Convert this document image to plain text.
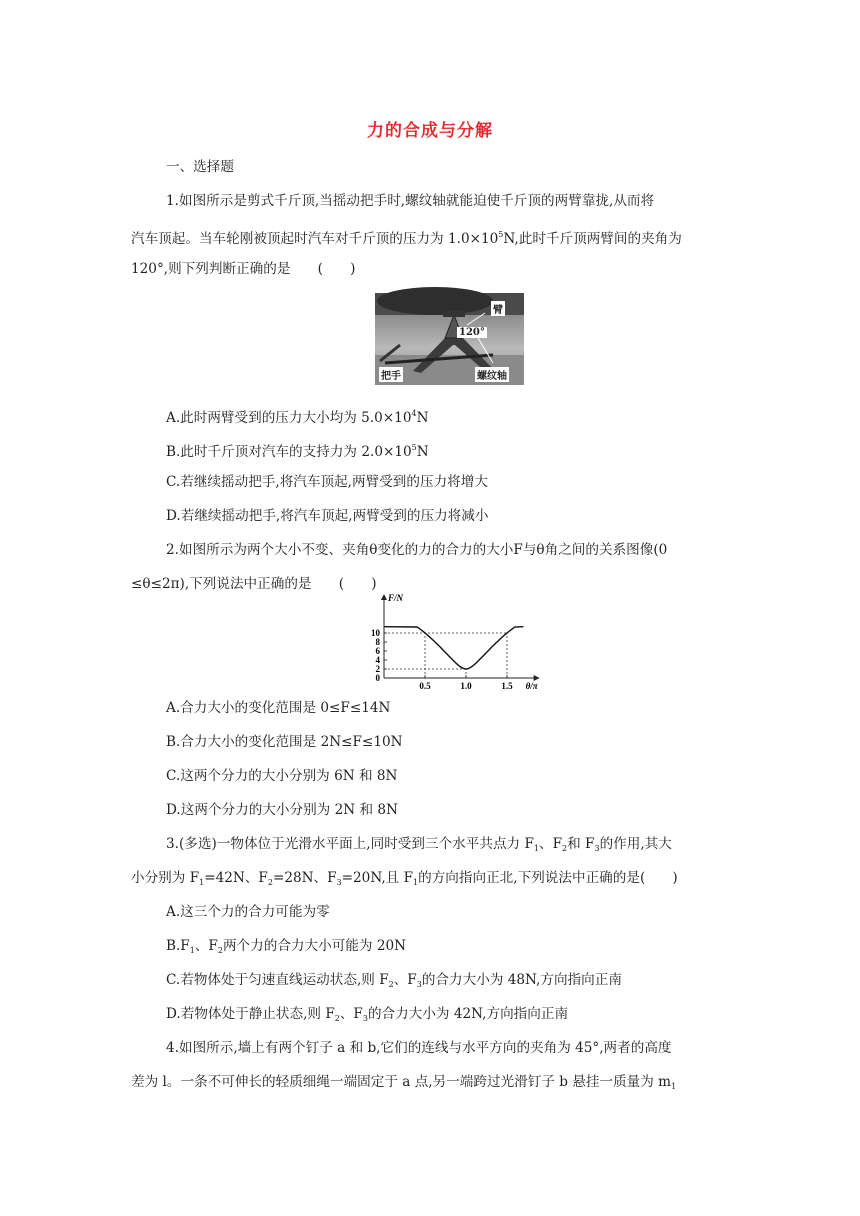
力的合成与分解
一、选择题
1.如图所示是剪式千斤顶,当摇动把手时,螺纹轴就能迫使千斤顶的两臂靠拢,从而将
汽车顶起。当车轮刚被顶起时汽车对千斤顶的压力为 $1.0\times 10^5N$,此时千斤顶两臂间的夹角为
120°,则下列判断正确的是　　(　　)
臂
120°
把手	螺纹轴
A.此时两臂受到的压力大小均为 $5.0\times 10^4N$
B.此时千斤顶对汽车的支持力为 $2.0\times 10^5N$
C.若继续摇动把手,将汽车顶起,两臂受到的压力将增大
D.若继续摇动把手,将汽车顶起,两臂受到的压力将减小
2.如图所示为两个大小不变、夹角θ变化的力的合力的大小F与θ角之间的关系图像(0
≤θ≤2π),下列说法中正确的是　　(　　)
0
2
4
6
8
10
0.5	1.0	1.5
F/N
θ/π
A.合力大小的变化范围是 0≤F≤14N
B.合力大小的变化范围是 2N≤F≤10N
C.这两个分力的大小分别为 6N 和 8N
D.这两个分力的大小分别为 2N 和 8N
3.(多选)一物体位于光滑水平面上,同时受到三个水平共点力 $F_1$、$F_2$和 $F_3$的作用,其大
小分别为 $F_1=42N$、$F_2=28N$、$F_3=20N$,且 $F_1$的方向指向正北,下列说法中正确的是(　　)
A.这三个力的合力可能为零
$B.F_1$、$F_2$两个力的合力大小可能为 20N
C.若物体处于匀速直线运动状态,则 $F_2$、$F_3$的合力大小为 48N,方向指向正南
D.若物体处于静止状态,则 $F_2$、$F_3$的合力大小为 42N,方向指向正南
4.如图所示,墙上有两个钉子 a 和 b,它们的连线与水平方向的夹角为 45°,两者的高度
差为 l。一条不可伸长的轻质细绳一端固定于 a 点,另一端跨过光滑钉子 b 悬挂一质量为 $m_1$
